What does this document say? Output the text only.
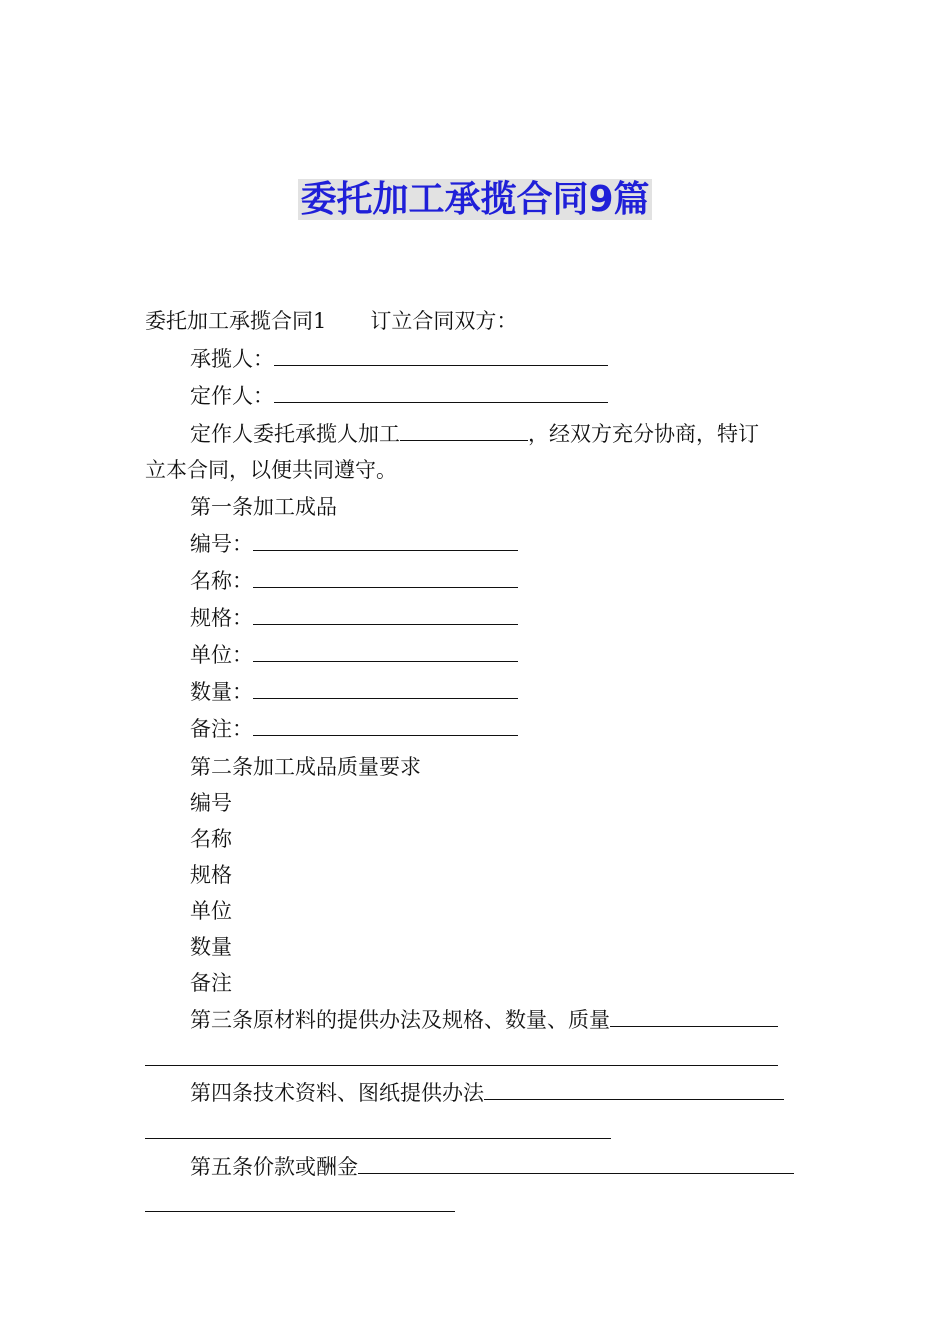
委托加工承揽合同9篇
委托加工承揽合同1 订立合同双方：
承揽人：
定作人：
定作人委托承揽人加工	，经双方充分协商，特订
立本合同，以便共同遵守。
第一条加工成品
编号：
名称：
规格：
单位：
数量：
备注：
第二条加工成品质量要求
编号
名称
规格
单位
数量
备注
第三条原材料的提供办法及规格、数量、质量
第四条技术资料、图纸提供办法
第五条价款或酬金
